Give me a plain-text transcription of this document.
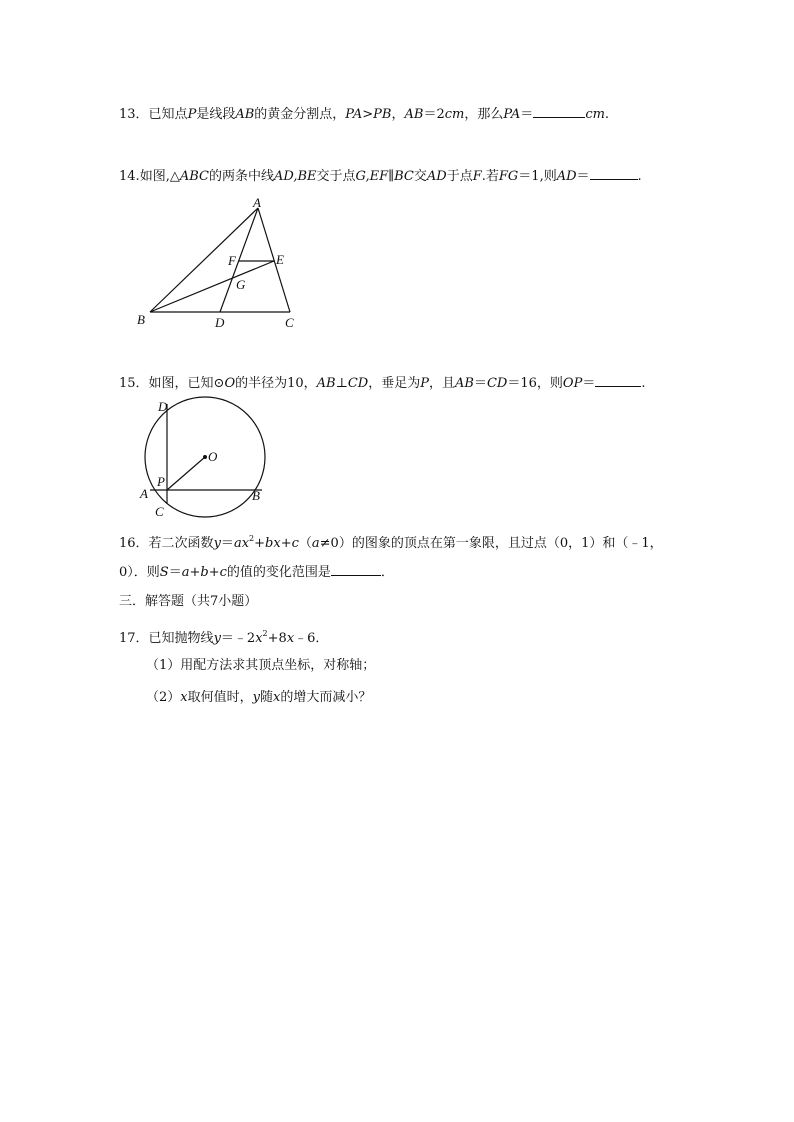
13．已知点P是线段AB的黄金分割点，PA>PB，AB＝2cm，那么PA＝	cm.
14.如图,△ABC的两条中线AD,BE交于点G,EF∥BC交AD于点F.若FG＝1,则AD＝	.
A
B	C
D
E
F
G
15．如图，已知⊙O的半径为10，AB⊥CD，垂足为P，且AB＝CD＝16，则OP＝	.
D
O
P
A	B
C
16．若二次函数$y=ax^2+bx+c(a\ne 0)$的图象的顶点在第一象限，且过点（0，1）和（﹣1，
0）．则S＝a+b+c的值的变化范围是	．
三．解答题（共7小题）
17．已知抛物线$y=﹣2x^2+8x﹣6$．
（1）用配方法求其顶点坐标，对称轴；
（2）x取何值时，y随x的增大而减小？
